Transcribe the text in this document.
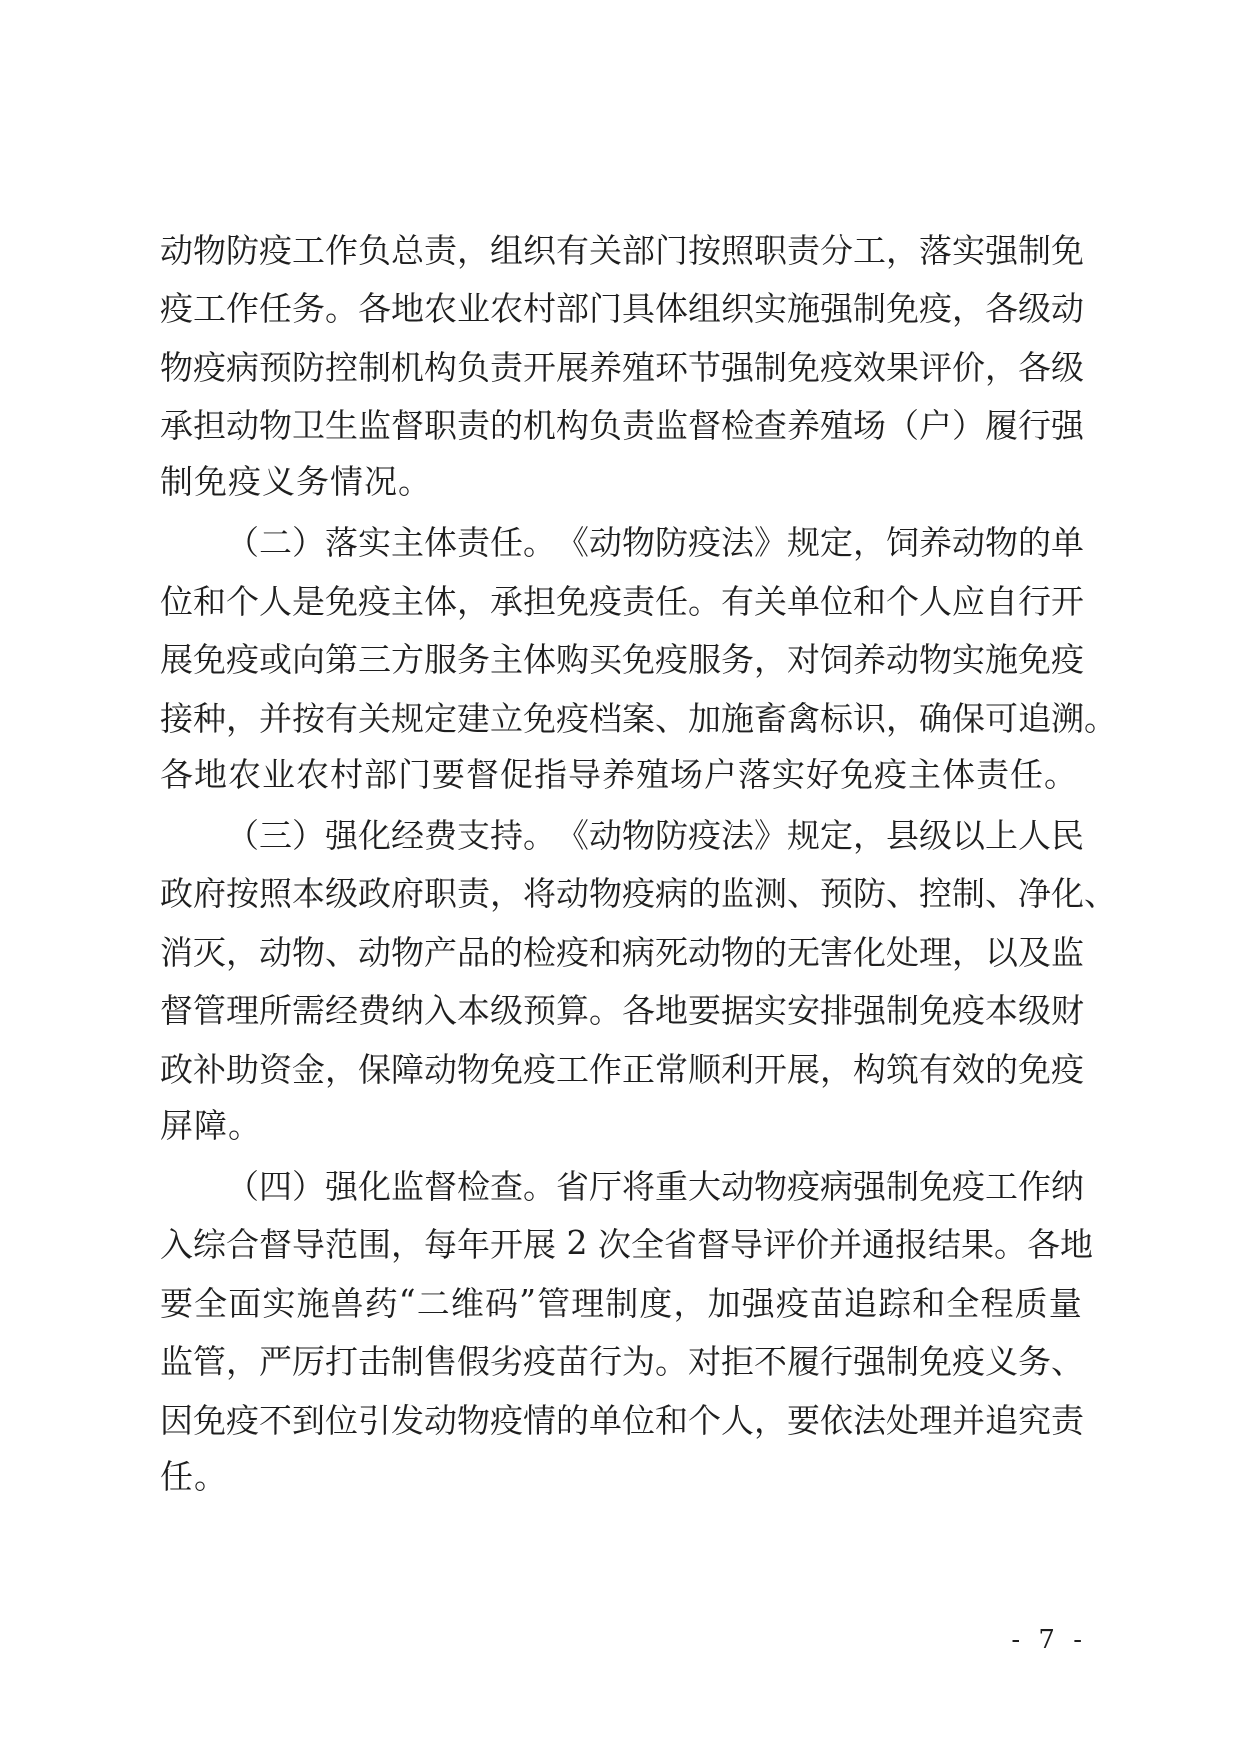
动 物 防 疫 工 作 负 总 责 ， 组 织 有 关 部 门 按 照 职 责 分 工 ， 落 实 强 制 免
疫 工 作 任 务 。 各 地 农 业 农 村 部 门 具 体 组 织 实 施 强 制 免 疫 ， 各 级 动
物 疫 病 预 防 控 制 机 构 负 责 开 展 养 殖 环 节 强 制 免 疫 效 果 评 价 ， 各 级
承 担 动 物 卫 生 监 督 职 责 的 机 构 负 责 监 督 检 查 养 殖 场 （ 户 ） 履 行 强
制免疫义务情况。
（ 二 ） 落 实 主 体 责 任 。 《 动 物 防 疫 法 》 规 定 ， 饲 养 动 物 的 单
位 和 个 人 是 免 疫 主 体 ， 承 担 免 疫 责 任 。 有 关 单 位 和 个 人 应 自 行 开
展 免 疫 或 向 第 三 方 服 务 主 体 购 买 免 疫 服 务 ， 对 饲 养 动 物 实 施 免 疫
接 种 ， 并 按 有 关 规 定 建 立 免 疫 档 案 、 加 施 畜 禽 标 识 ， 确 保 可 追 溯 。
各地农业农村部门要督促指导养殖场户落实好免疫主体责任。
（ 三 ） 强 化 经 费 支 持 。 《 动 物 防 疫 法 》 规 定 ， 县 级 以 上 人 民
政 府 按 照 本 级 政 府 职 责 ， 将 动 物 疫 病 的 监 测 、 预 防 、 控 制 、 净 化 、
消 灭 ， 动 物 、 动 物 产 品 的 检 疫 和 病 死 动 物 的 无 害 化 处 理 ， 以 及 监
督 管 理 所 需 经 费 纳 入 本 级 预 算 。 各 地 要 据 实 安 排 强 制 免 疫 本 级 财
政 补 助 资 金 ， 保 障 动 物 免 疫 工 作 正 常 顺 利 开 展 ， 构 筑 有 效 的 免 疫
屏障。
（ 四 ） 强 化 监 督 检 查 。 省 厅 将 重 大 动 物 疫 病 强 制 免 疫 工 作 纳
入 综 合 督 导 范 围 ， 每 年 开 展
2
次 全 省 督 导 评 价 并 通 报 结 果 。 各 地
要 全 面 实 施 兽 药 “ 二 维 码 ” 管 理 制 度 ， 加 强 疫 苗 追 踪 和 全 程 质 量
监 管 ， 严 厉 打 击 制 售 假 劣 疫 苗 行 为 。 对 拒 不 履 行 强 制 免 疫 义 务 、
因 免 疫 不 到 位 引 发 动 物 疫 情 的 单 位 和 个 人 ， 要 依 法 处 理 并 追 究 责
任。
- 7 -
